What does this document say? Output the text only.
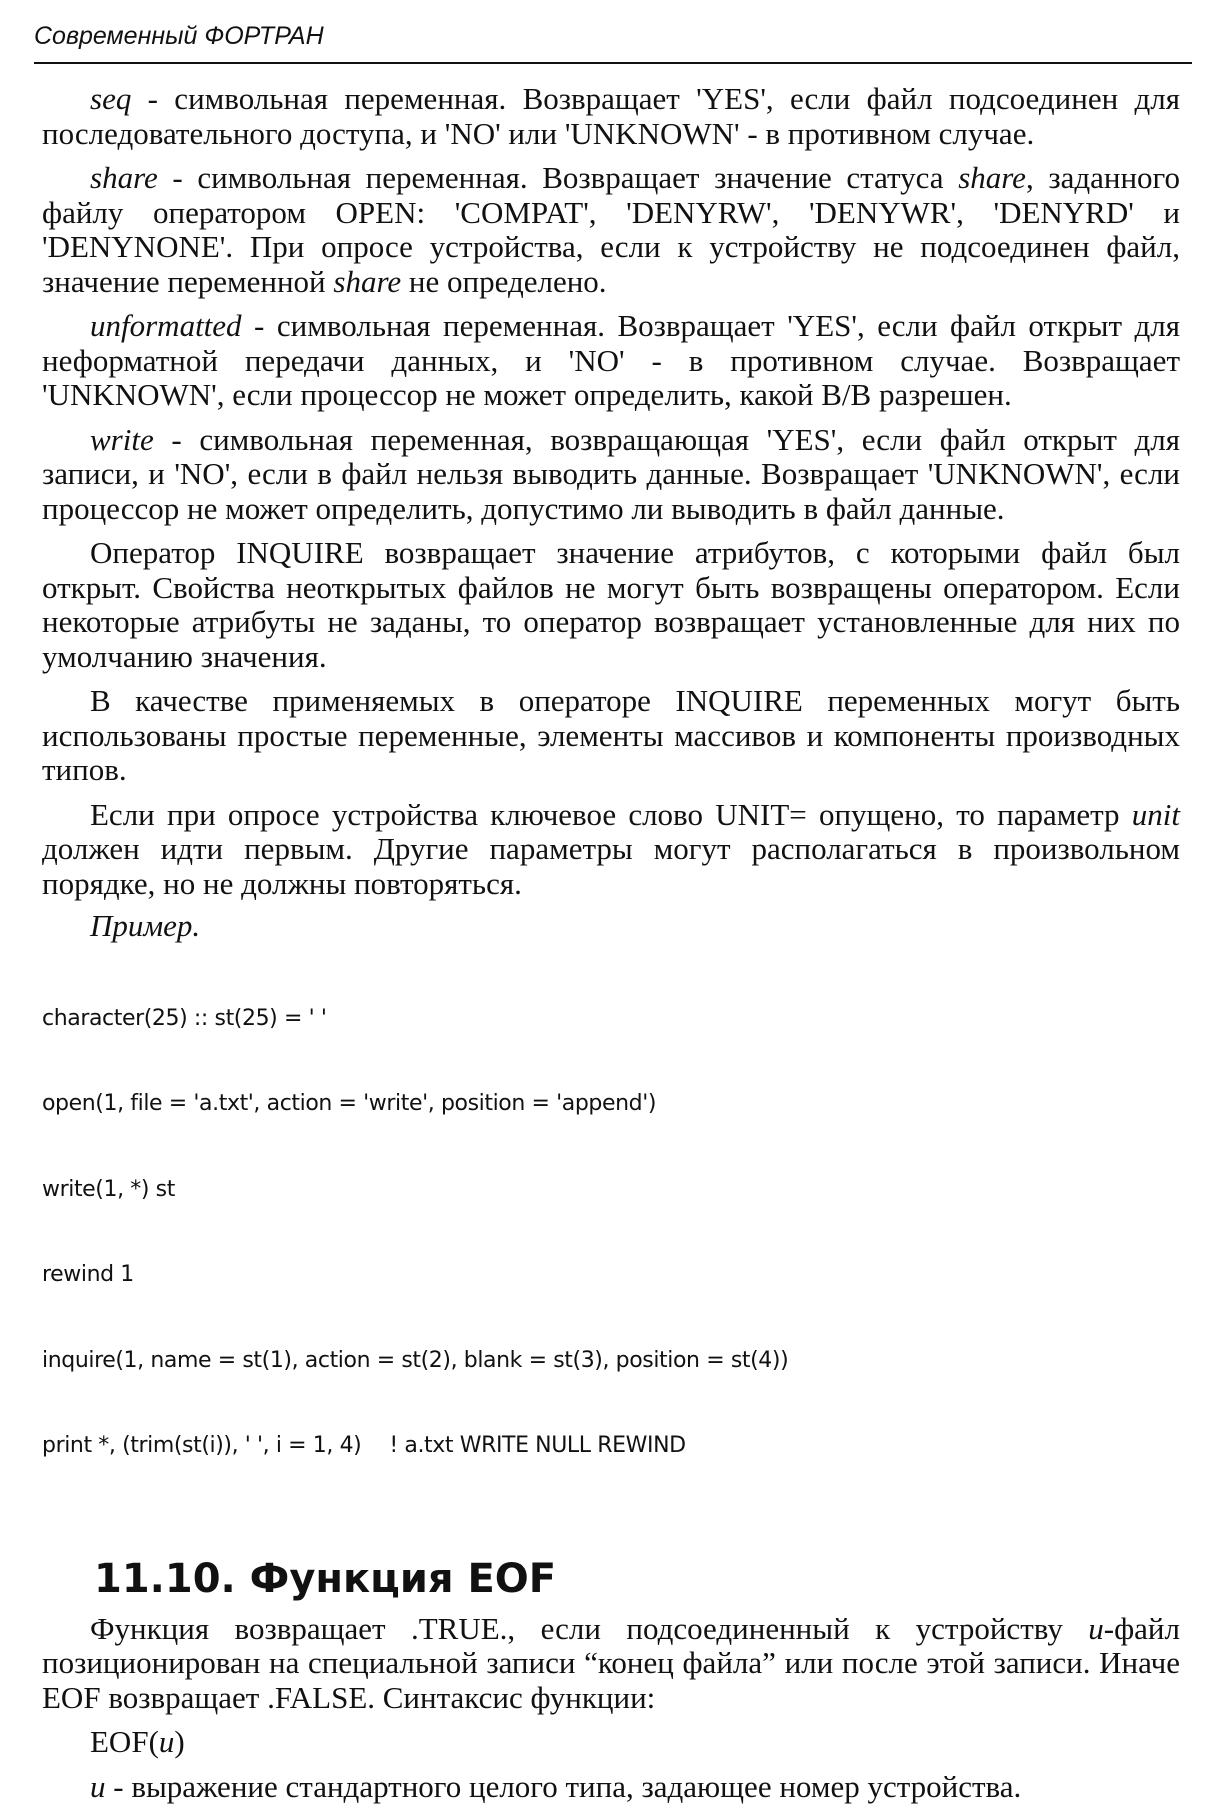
Современный ФОРТРАН

seq - символьная переменная. Возвращает 'YES', если файл подсоединен для последовательного доступа, и 'NO' или 'UNKNOWN' - в противном случае.

share - символьная переменная. Возвращает значение статуса share, заданного файлу оператором OPEN: 'COMPAT', 'DENYRW', 'DENYWR', 'DENYRD' и 'DENYNONE'. При опросе устройства, если к устройству не подсоединен файл, значение переменной share не определено.

unformatted - символьная переменная. Возвращает 'YES', если файл открыт для неформатной передачи данных, и 'NO' - в противном случае. Возвращает 'UNKNOWN', если процессор не может определить, какой В/В разрешен.

write - символьная переменная, возвращающая 'YES', если файл открыт для записи, и 'NO', если в файл нельзя выводить данные. Возвращает 'UNKNOWN', если процессор не может определить, допустимо ли выводить в файл данные.

Оператор INQUIRE возвращает значение атрибутов, с которыми файл был открыт. Свойства неоткрытых файлов не могут быть возвращены оператором. Если некоторые атрибуты не заданы, то оператор возвращает установленные для них по умолчанию значения.

В качестве применяемых в операторе INQUIRE переменных могут быть использованы простые переменные, элементы массивов и компоненты производных типов.

Если при опросе устройства ключевое слово UNIT= опущено, то параметр unit должен идти первым. Другие параметры могут располагаться в произвольном порядке, но не должны повторяться.

Пример.

character(25) :: st(25) = ' '

open(1, file = 'a.txt', action = 'write', position = 'append')

write(1, *) st

rewind 1

inquire(1, name = st(1), action = st(2), blank = st(3), position = st(4))

print *, (trim(st(i)), ' ', i = 1, 4) ! a.txt WRITE NULL REWIND

11.10. Функция EOF

Функция возвращает .TRUE., если подсоединенный к устройству u-файл позиционирован на специальной записи “конец файла” или после этой записи. Иначе EOF возвращает .FALSE. Синтаксис функции:

EOF(u)

u - выражение стандартного целого типа, задающее номер устройства.
